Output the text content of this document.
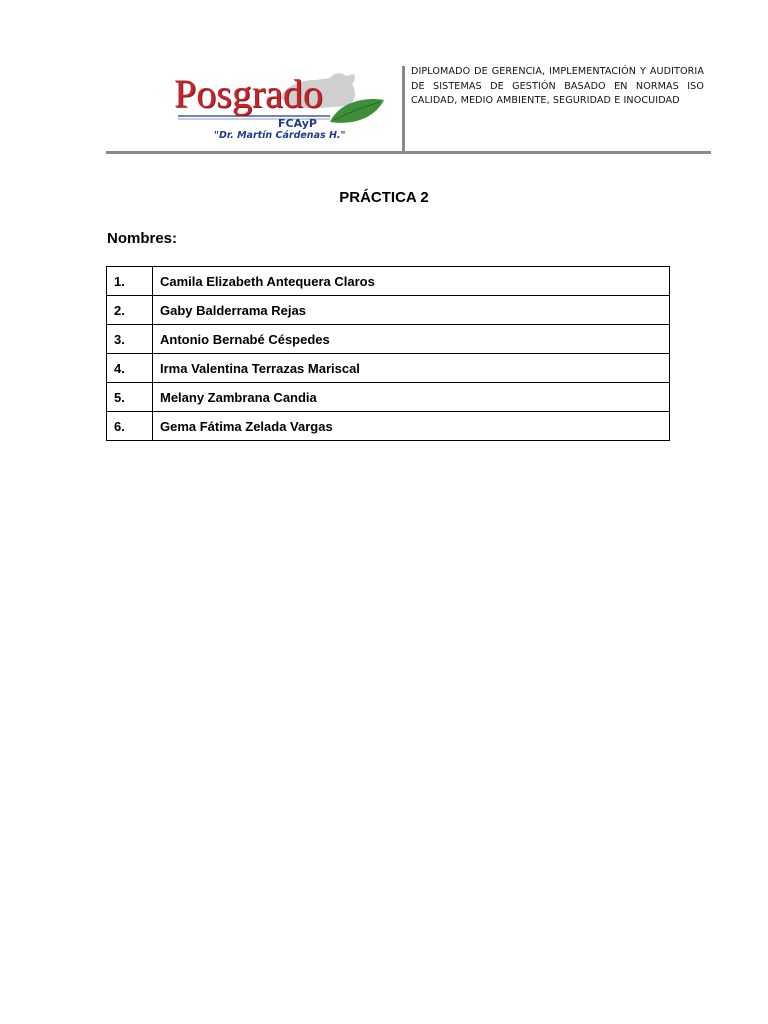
Posgrado
FCAyP
"Dr. Martín Cárdenas H."
DIPLOMADO DE GERENCIA, IMPLEMENTACIÓN Y AUDITORIA DE SISTEMAS DE GESTIÓN BASADO EN NORMAS ISO CALIDAD, MEDIO AMBIENTE, SEGURIDAD E INOCUIDAD
PRÁCTICA 2
Nombres:
1.	Camila Elizabeth Antequera Claros
2.	Gaby Balderrama Rejas
3.	Antonio Bernabé Céspedes
4.	Irma Valentina Terrazas Mariscal
5.	Melany Zambrana Candia
6.	Gema Fátima Zelada Vargas
